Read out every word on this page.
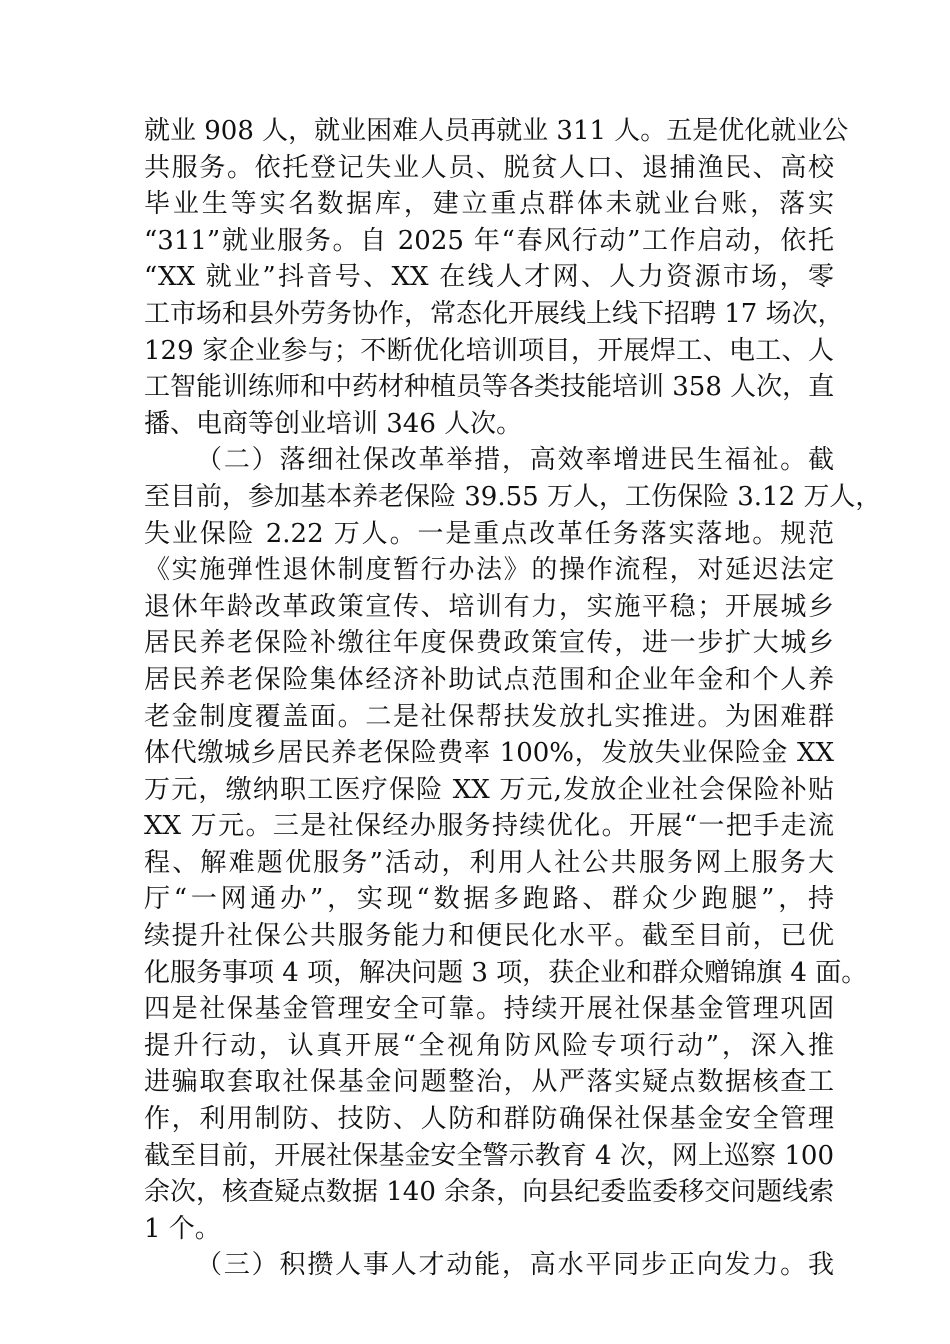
就业 908 人，就业困难人员再就业 311 人。五是优化就业公
共服务。依托登记失业人员、脱贫人口、退捕渔民、高校
毕业生等实名数据库，建立重点群体未就业台账，落实
“311”就业服务。自 2025 年“春风行动”工作启动，依托
“XX 就业”抖音号、XX 在线人才网、人力资源市场，零
工市场和县外劳务协作，常态化开展线上线下招聘 17 场次，
129 家企业参与；不断优化培训项目，开展焊工、电工、人
工智能训练师和中药材种植员等各类技能培训 358 人次，直
播、电商等创业培训 346 人次。
（二）落细社保改革举措，高效率增进民生福祉。截
至目前，参加基本养老保险 39.55 万人，工伤保险 3.12 万人，
失业保险 2.22 万人。一是重点改革任务落实落地。规范
《实施弹性退休制度暂行办法》的操作流程，对延迟法定
退休年龄改革政策宣传、培训有力，实施平稳；开展城乡
居民养老保险补缴往年度保费政策宣传，进一步扩大城乡
居民养老保险集体经济补助试点范围和企业年金和个人养
老金制度覆盖面。二是社保帮扶发放扎实推进。为困难群
体代缴城乡居民养老保险费率 100%，发放失业保险金 XX
万元，缴纳职工医疗保险 XX 万元,发放企业社会保险补贴
XX 万元。三是社保经办服务持续优化。开展“一把手走流
程、解难题优服务”活动，利用人社公共服务网上服务大
厅“一网通办”，实现“数据多跑路、群众少跑腿”，持
续提升社保公共服务能力和便民化水平。截至目前，已优
化服务事项 4 项，解决问题 3 项，获企业和群众赠锦旗 4 面。
四是社保基金管理安全可靠。持续开展社保基金管理巩固
提升行动，认真开展“全视角防风险专项行动”，深入推
进骗取套取社保基金问题整治，从严落实疑点数据核查工
作，利用制防、技防、人防和群防确保社保基金安全管理
截至目前，开展社保基金安全警示教育 4 次，网上巡察 100
余次，核查疑点数据 140 余条，向县纪委监委移交问题线索
1 个。
（三）积攒人事人才动能，高水平同步正向发力。我
